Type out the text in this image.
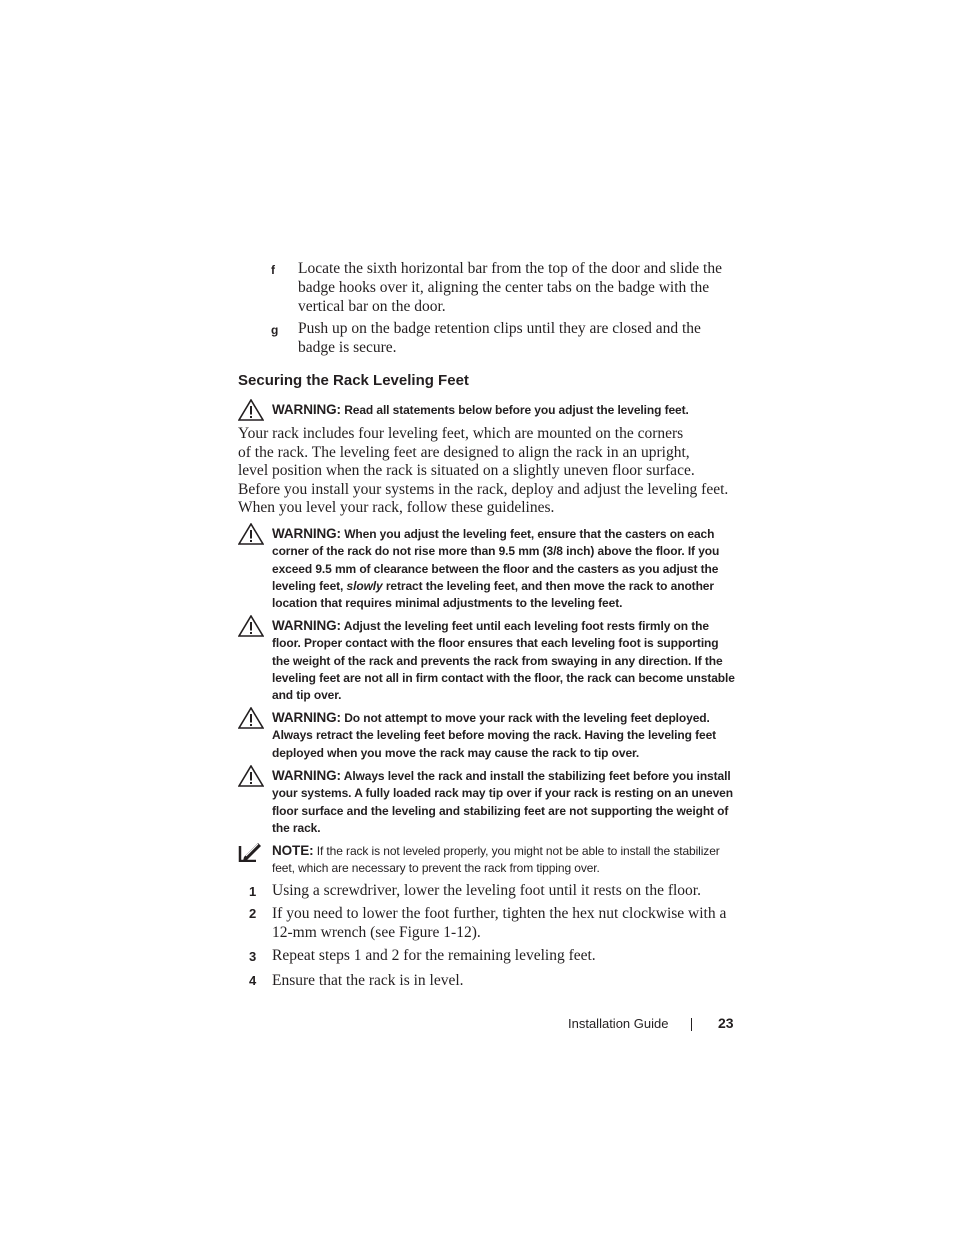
f Locate the sixth horizontal bar from the top of the door and slide the badge hooks over it, aligning the center tabs on the badge with the vertical bar on the door.
g Push up on the badge retention clips until they are closed and the badge is secure.
Securing the Rack Leveling Feet
WARNING: Read all statements below before you adjust the leveling feet.
Your rack includes four leveling feet, which are mounted on the corners
of the rack. The leveling feet are designed to align the rack in an upright,
level position when the rack is situated on a slightly uneven floor surface.
Before you install your systems in the rack, deploy and adjust the leveling feet.
When you level your rack, follow these guidelines.
WARNING: When you adjust the leveling feet, ensure that the casters on each corner of the rack do not rise more than 9.5 mm (3/8 inch) above the floor. If you exceed 9.5 mm of clearance between the floor and the casters as you adjust the leveling feet, slowly retract the leveling feet, and then move the rack to another location that requires minimal adjustments to the leveling feet.
WARNING: Adjust the leveling feet until each leveling foot rests firmly on the floor. Proper contact with the floor ensures that each leveling foot is supporting the weight of the rack and prevents the rack from swaying in any direction. If the leveling feet are not all in firm contact with the floor, the rack can become unstable and tip over.
WARNING: Do not attempt to move your rack with the leveling feet deployed. Always retract the leveling feet before moving the rack. Having the leveling feet deployed when you move the rack may cause the rack to tip over.
WARNING: Always level the rack and install the stabilizing feet before you install your systems. A fully loaded rack may tip over if your rack is resting on an uneven floor surface and the leveling and stabilizing feet are not supporting the weight of the rack.
NOTE: If the rack is not leveled properly, you might not be able to install the stabilizer feet, which are necessary to prevent the rack from tipping over.
1 Using a screwdriver, lower the leveling foot until it rests on the floor.
2 If you need to lower the foot further, tighten the hex nut clockwise with a 12-mm wrench (see Figure 1-12).
3 Repeat steps 1 and 2 for the remaining leveling feet.
4 Ensure that the rack is in level.
Installation Guide	23
